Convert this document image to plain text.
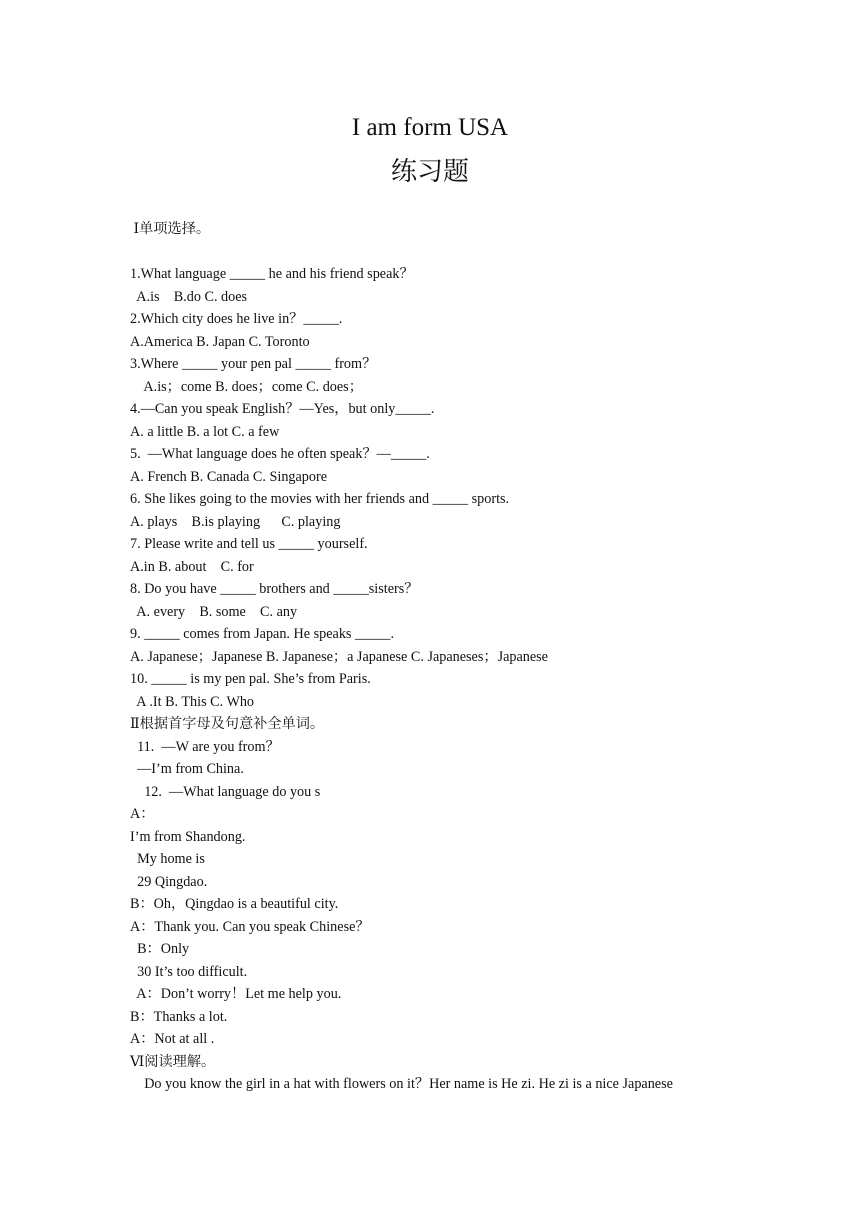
I am form USA
练习题
Ⅰ单项选择。
1.What language _____ he and his friend speak？
A.is    B.do C. does
2.Which city does he live in？_____.
A.America B. Japan C. Toronto
3.Where _____ your pen pal _____ from？
A.is；come B. does；come C. does；
4.—Can you speak English？—Yes，but only_____.
A. a little B. a lot C. a few
5.  —What language does he often speak？—_____.
A. French B. Canada C. Singapore
6. She likes going to the movies with her friends and _____ sports.
A. plays    B.is playing      C. playing
7. Please write and tell us _____ yourself.
A.in B. about    C. for
8. Do you have _____ brothers and _____sisters？
A. every    B. some    C. any
9. _____ comes from Japan. He speaks _____.
A. Japanese；Japanese B. Japanese；a Japanese C. Japaneses；Japanese
10. _____ is my pen pal. She’s from Paris.
A .It B. This C. Who
Ⅱ根据首字母及句意补全单词。
11.  —W are you from？
—I’m from China.
12.  —What language do you s
A：
I’m from Shandong.
My home is
29 Qingdao.
B：Oh，Qingdao is a beautiful city.
A：Thank you. Can you speak Chinese？
B：Only
30 It’s too difficult.
A：Don’t worry！Let me help you.
B：Thanks a lot.
A：Not at all .
Ⅵ阅读理解。
Do you know the girl in a hat with flowers on it？Her name is He zi. He zi is a nice Japanese
